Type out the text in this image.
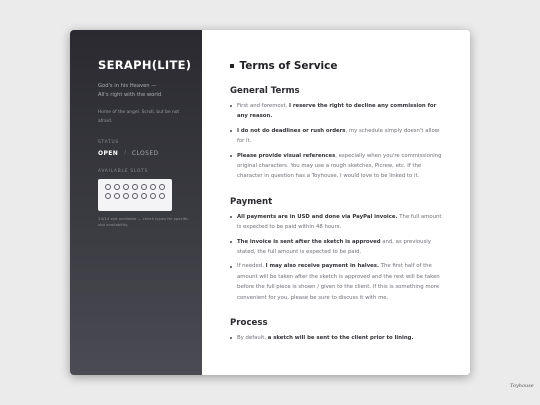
SERAPH(LITE)
God's in his Heaven —
All's right with the world
Home of the angel. Scroll, but be not afraid.
STATUS
OPEN / CLOSED
AVAILABLE SLOTS
14/14 slot available — check types for specific slot availability.
Terms of Service
General Terms
First and foremost, I reserve the right to decline any commission for any reason.
I do not do deadlines or rush orders, my schedule simply doesn't allow for it.
Please provide visual references, especially when you're commissioning original characters. You may use a rough sketches, Picrew, etc. If the character in question has a Toyhouse, I would love to be linked to it.
Payment
All payments are in USD and done via PayPal invoice. The full amount is expected to be paid within 48 hours.
The invoice is sent after the sketch is approved and, as previously stated, the full amount is expected to be paid.
If needed, I may also receive payment in halves. The first half of the amount will be taken after the sketch is approved and the rest will be taken before the full piece is shown / given to the client. If this is something more convenient for you, please be sure to discuss it with me.
Process
By default, a sketch will be sent to the client prior to lining.
Toyhouse
